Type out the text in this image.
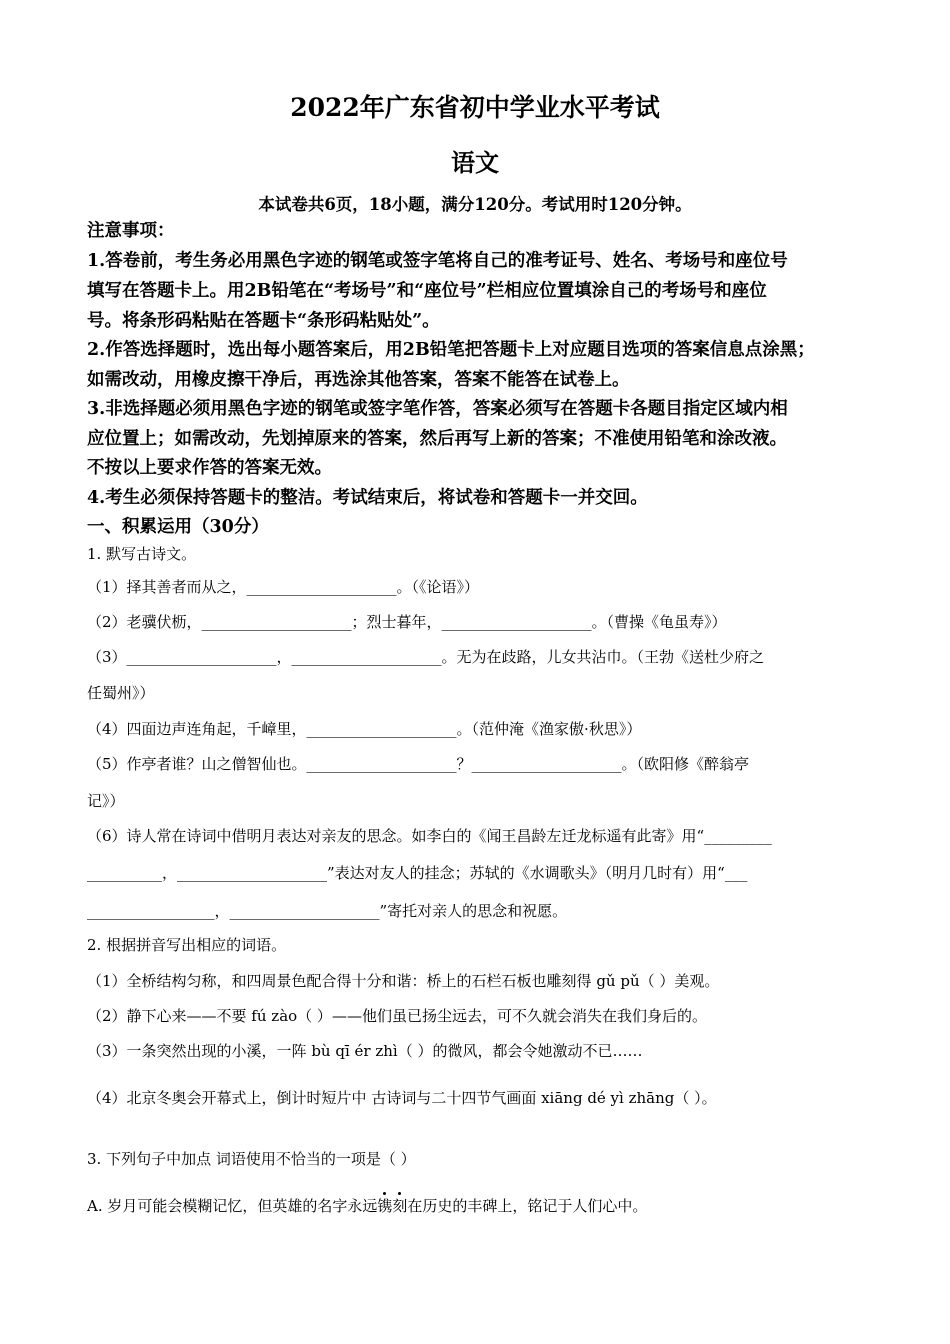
2022年广东省初中学业水平考试
语文
本试卷共6页，18小题，满分120分。考试用时120分钟。
注意事项：
1.答卷前，考生务必用黑色字迹的钢笔或签字笔将自己的准考证号、姓名、考场号和座位号
填写在答题卡上。用2B铅笔在“考场号”和“座位号”栏相应位置填涂自己的考场号和座位
号。将条形码粘贴在答题卡“条形码粘贴处”。
2.作答选择题时，选出每小题答案后，用2B铅笔把答题卡上对应题目选项的答案信息点涂黑；
如需改动，用橡皮擦干净后，再选涂其他答案，答案不能答在试卷上。
3.非选择题必须用黑色字迹的钢笔或签字笔作答，答案必须写在答题卡各题目指定区域内相
应位置上；如需改动，先划掉原来的答案，然后再写上新的答案；不准使用铅笔和涂改液。
不按以上要求作答的答案无效。
4.考生必须保持答题卡的整洁。考试结束后，将试卷和答题卡一并交回。
一、积累运用（30分）
1. 默写古诗文。
（1）择其善者而从之，____________________。（《论语》）
（2）老骥伏枥，____________________；烈士暮年，____________________。（曹操《龟虽寿》）
（3）____________________，____________________。无为在歧路，儿女共沾巾。（王勃《送杜少府之
任蜀州》）
（4）四面边声连角起，千嶂里，____________________。（范仲淹《渔家傲·秋思》）
（5）作亭者谁？山之僧智仙也。____________________？____________________。（欧阳修《醉翁亭
记》）
（6）诗人常在诗词中借明月表达对亲友的思念。如李白的《闻王昌龄左迁龙标遥有此寄》用“_________
__________，____________________”表达对友人的挂念；苏轼的《水调歌头》（明月几时有）用“___
_________________，____________________”寄托对亲人的思念和祝愿。
2. 根据拼音写出相应的词语。
（1）全桥结构匀称，和四周景色配合得十分和谐：桥上的石栏石板也雕刻得 gǔ pǔ（ ）美观。
（2）静下心来——不要 fú zào（ ）——他们虽已扬尘远去，可不久就会消失在我们身后的。
（3）一条突然出现的小溪，一阵 bù qī ér zhì（ ）的微风，都会令她激动不已……
（4）北京冬奥会开幕式上，倒计时短片中 古诗词与二十四节气画面 xiāng dé yì zhāng（ ）。
3. 下列句子中加点 词语使用不恰当的一项是（ ）
A. 岁月可能会模糊记忆，但英雄的名字永远镌刻在历史的丰碑上，铭记于人们心中。
